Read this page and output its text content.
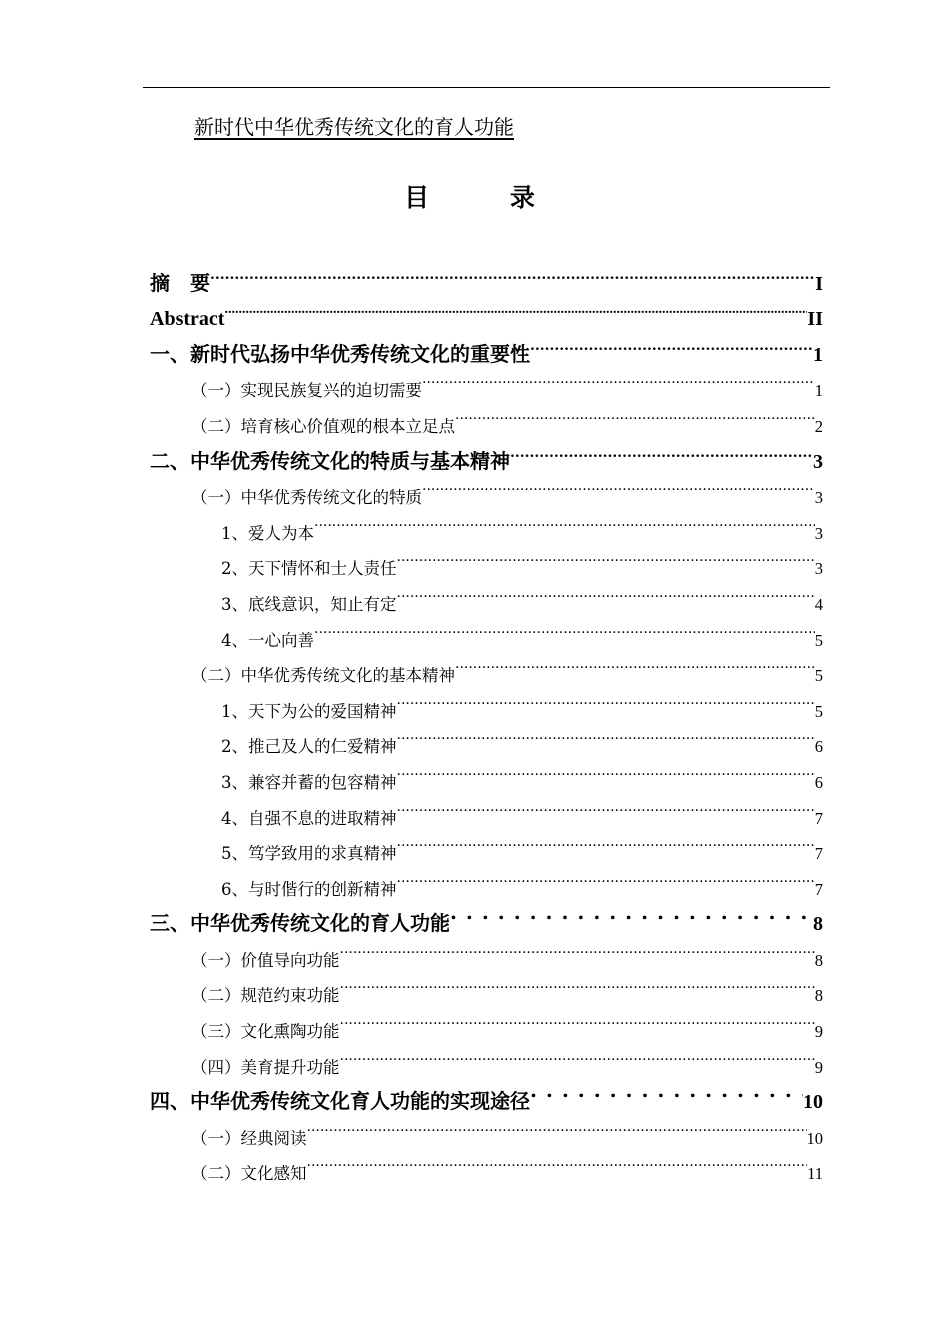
新时代中华优秀传统文化的育人功能
目 录
摘　要 .....	I
Abstract .....	II
一、新时代弘扬中华优秀传统文化的重要性 .....	1
（一）实现民族复兴的迫切需要 .....	1
（二）培育核心价值观的根本立足点 .....	2
二、中华优秀传统文化的特质与基本精神 .....	3
（一）中华优秀传统文化的特质 .....	3
1、爱人为本 .....	3
2、天下情怀和士人责任 .....	3
3、底线意识，知止有定 .....	4
4、一心向善 .....	5
（二）中华优秀传统文化的基本精神 .....	5
1、天下为公的爱国精神 .....	5
2、推己及人的仁爱精神 .....	6
3、兼容并蓄的包容精神 .....	6
4、自强不息的进取精神 .....	7
5、笃学致用的求真精神 .....	7
6、与时偕行的创新精神 .....	7
三、中华优秀传统文化的育人功能 . . .	8
（一）价值导向功能 .....	8
（二）规范约束功能 .....	8
（三）文化熏陶功能 .....	9
（四）美育提升功能 .....	9
四、中华优秀传统文化育人功能的实现途径 . . .	10
（一）经典阅读 .....	10
（二）文化感知 .....	11
